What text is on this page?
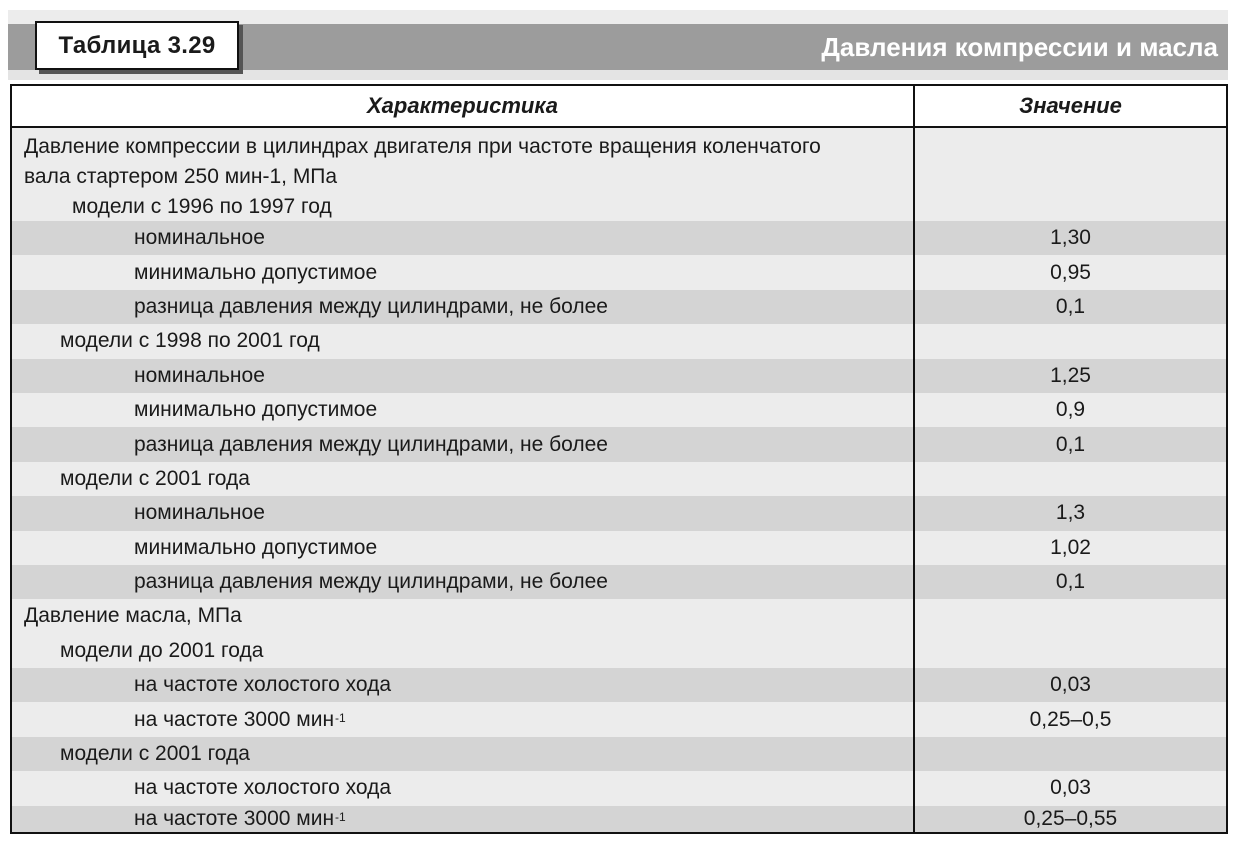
Таблица 3.29	Давления компрессии и масла
Характеристика	Значение
Давление компрессии в цилиндрах двигателя при частоте вращения коленчатого
вала стартером 250 мин-1, МПа
модели с 1996 по 1997 год
номинальное	1,30
минимально допустимое	0,95
разница давления между цилиндрами, не более	0,1
модели с 1998 по 2001 год
номинальное	1,25
минимально допустимое	0,9
разница давления между цилиндрами, не более	0,1
модели с 2001 года
номинальное	1,3
минимально допустимое	1,02
разница давления между цилиндрами, не более	0,1
Давление масла, МПа
модели до 2001 года
на частоте холостого хода	0,03
на частоте 3000 мин -1	0,25–0,5
модели с 2001 года
на частоте холостого хода	0,03
на частоте 3000 мин -1	0,25–0,55
